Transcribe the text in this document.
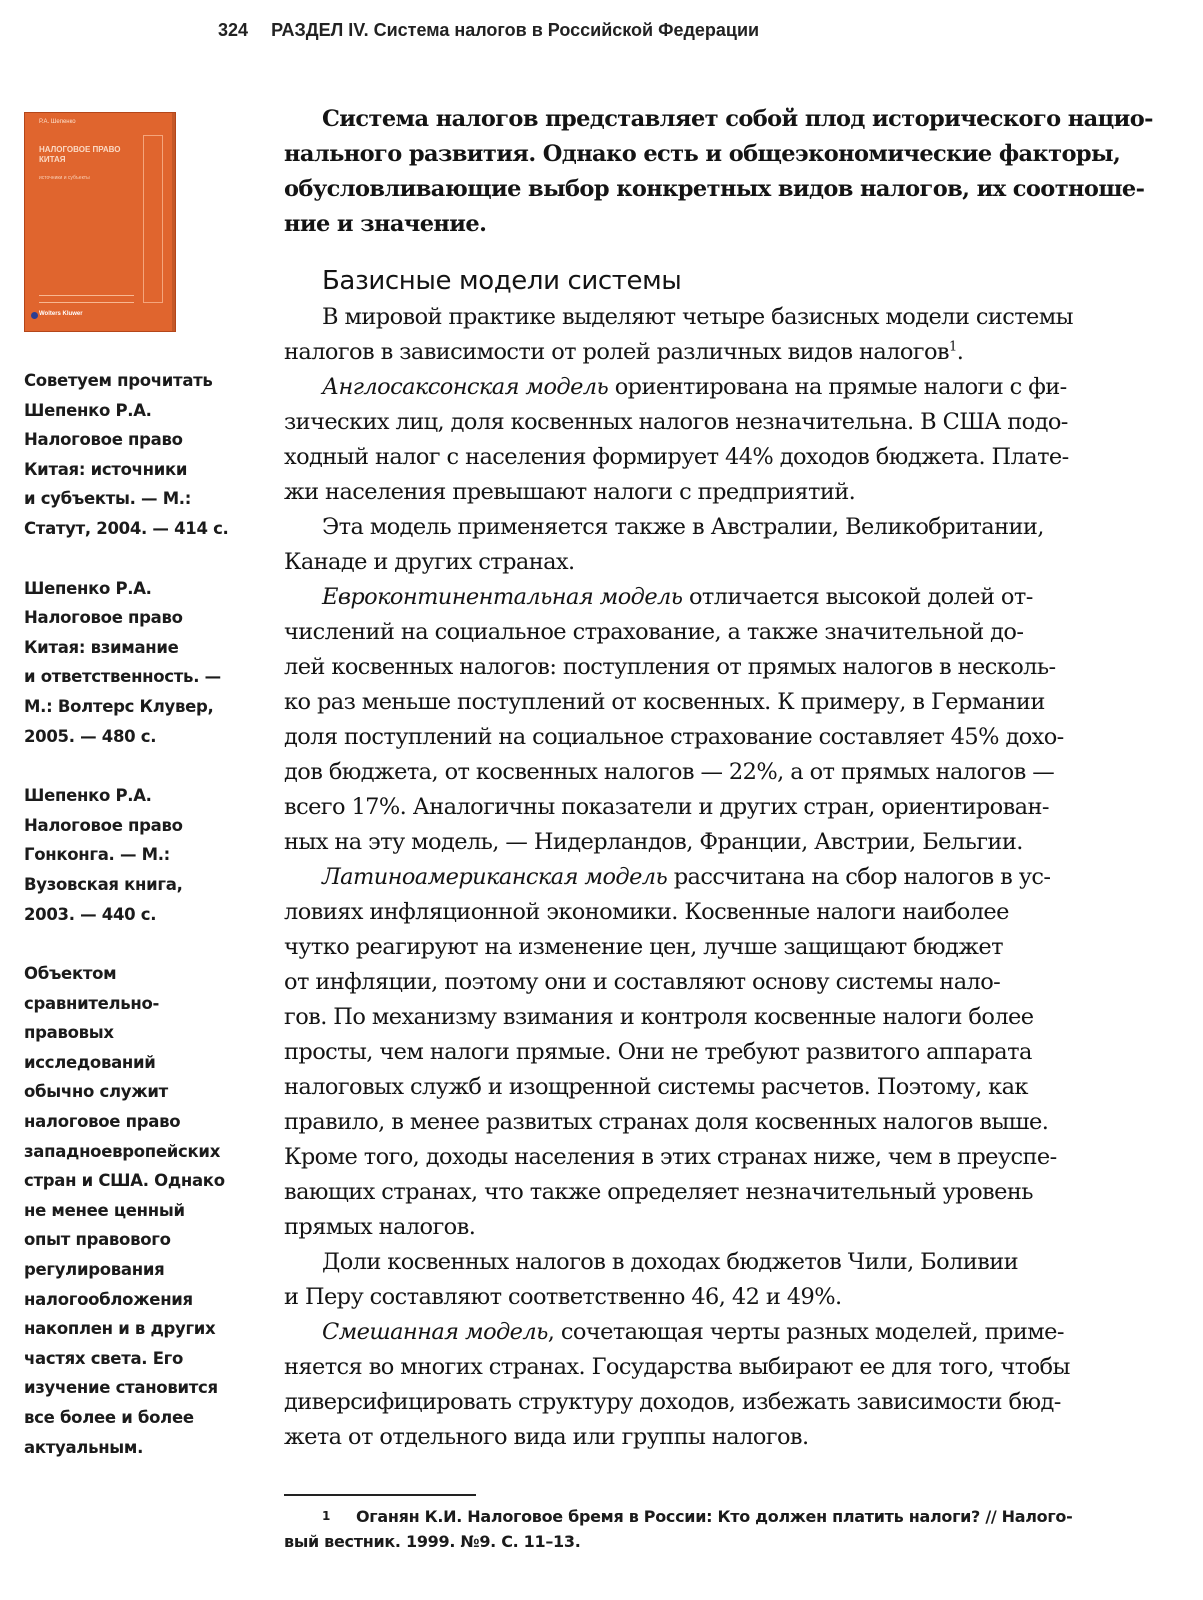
324 РАЗДЕЛ IV. Система налогов в Российской Федерации
Р.А. Шепенко
НАЛОГОВОЕ ПРАВО КИТАЯ
источники и субъекты
Wolters Kluwer
Советуем прочитать
Шепенко Р.А.
Налоговое право
Китая: источники
и субъекты. — М.:
Статут, 2004. — 414 с.
Шепенко Р.А.
Налоговое право
Китая: взимание
и ответственность. —
М.: Волтерс Клувер,
2005. — 480 с.
Шепенко Р.А.
Налоговое право
Гонконга. — М.:
Вузовская книга,
2003. — 440 с.
Объектом
сравнительно-
правовых
исследований
обычно служит
налоговое право
западноевропейских
стран и США. Однако
не менее ценный
опыт правового
регулирования
налогообложения
накоплен и в других
частях света. Его
изучение становится
все более и более
актуальным.
Система налогов представляет собой плод исторического нацио-
нального развития. Однако есть и общеэкономические факторы,
обусловливающие выбор конкретных видов налогов, их соотноше-
ние и значение.
Базисные модели системы
В мировой практике выделяют четыре базисных модели системы
налогов в зависимости от ролей различных видов налогов$^1$.
Англосаксонская модель ориентирована на прямые налоги с фи-
зических лиц, доля косвенных налогов незначительна. В США подо-
ходный налог с населения формирует 44% доходов бюджета. Плате-
жи населения превышают налоги с предприятий.
Эта модель применяется также в Австралии, Великобритании,
Канаде и других странах.
Евроконтинентальная модель отличается высокой долей от-
числений на социальное страхование, а также значительной до-
лей косвенных налогов: поступления от прямых налогов в несколь-
ко раз меньше поступлений от косвенных. К примеру, в Германии
доля поступлений на социальное страхование составляет 45% дохо-
дов бюджета, от косвенных налогов — 22%, а от прямых налогов —
всего 17%. Аналогичны показатели и других стран, ориентирован-
ных на эту модель, — Нидерландов, Франции, Австрии, Бельгии.
Латиноамериканская модель рассчитана на сбор налогов в ус-
ловиях инфляционной экономики. Косвенные налоги наиболее
чутко реагируют на изменение цен, лучше защищают бюджет
от инфляции, поэтому они и составляют основу системы нало-
гов. По механизму взимания и контроля косвенные налоги более
просты, чем налоги прямые. Они не требуют развитого аппарата
налоговых служб и изощренной системы расчетов. Поэтому, как
правило, в менее развитых странах доля косвенных налогов выше.
Кроме того, доходы населения в этих странах ниже, чем в преуспе-
вающих странах, что также определяет незначительный уровень
прямых налогов.
Доли косвенных налогов в доходах бюджетов Чили, Боливии
и Перу составляют соответственно 46, 42 и 49%.
Смешанная модель, сочетающая черты разных моделей, приме-
няется во многих странах. Государства выбирают ее для того, чтобы
диверсифицировать структуру доходов, избежать зависимости бюд-
жета от отдельного вида или группы налогов.
1 Оганян К.И. Налоговое бремя в России: Кто должен платить налоги? // Налого-
вый вестник. 1999. №9. С. 11–13.
